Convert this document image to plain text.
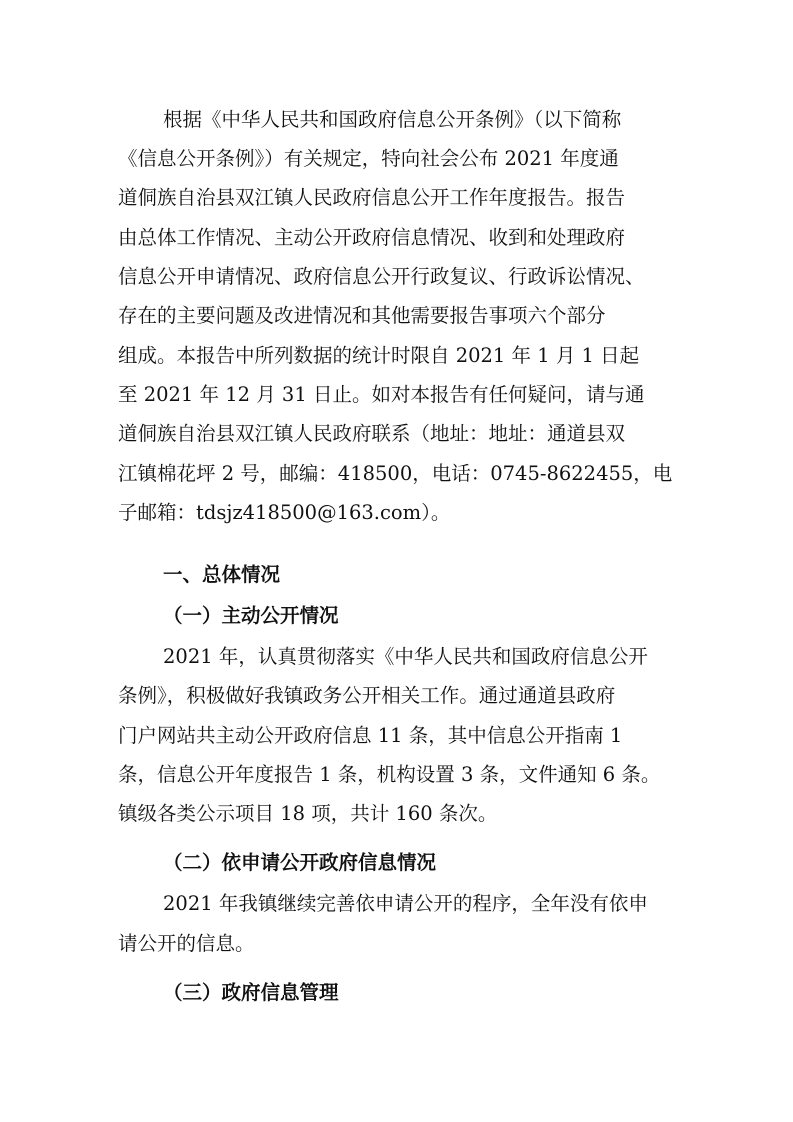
根据《中华人民共和国政府信息公开条例》（以下简称
《信息公开条例》）有关规定，特向社会公布 2021 年度通
道侗族自治县双江镇人民政府信息公开工作年度报告。报告
由总体工作情况、主动公开政府信息情况、收到和处理政府
信息公开申请情况、政府信息公开行政复议、行政诉讼情况、
存在的主要问题及改进情况和其他需要报告事项六个部分
组成。本报告中所列数据的统计时限自 2021 年 1 月 1 日起
至 2021 年 12 月 31 日止。如对本报告有任何疑问，请与通
道侗族自治县双江镇人民政府联系（地址：地址：通道县双
江镇棉花坪 2 号，邮编：418500，电话：0745-8622455，电
子邮箱：tdsjz418500@163.com）。
一、总体情况
（一）主动公开情况
2021 年，认真贯彻落实《中华人民共和国政府信息公开
条例》，积极做好我镇政务公开相关工作。通过通道县政府
门户网站共主动公开政府信息 11 条，其中信息公开指南 1
条，信息公开年度报告 1 条，机构设置 3 条，文件通知 6 条。
镇级各类公示项目 18 项，共计 160 条次。
（二）依申请公开政府信息情况
2021 年我镇继续完善依申请公开的程序，全年没有依申
请公开的信息。
（三）政府信息管理
